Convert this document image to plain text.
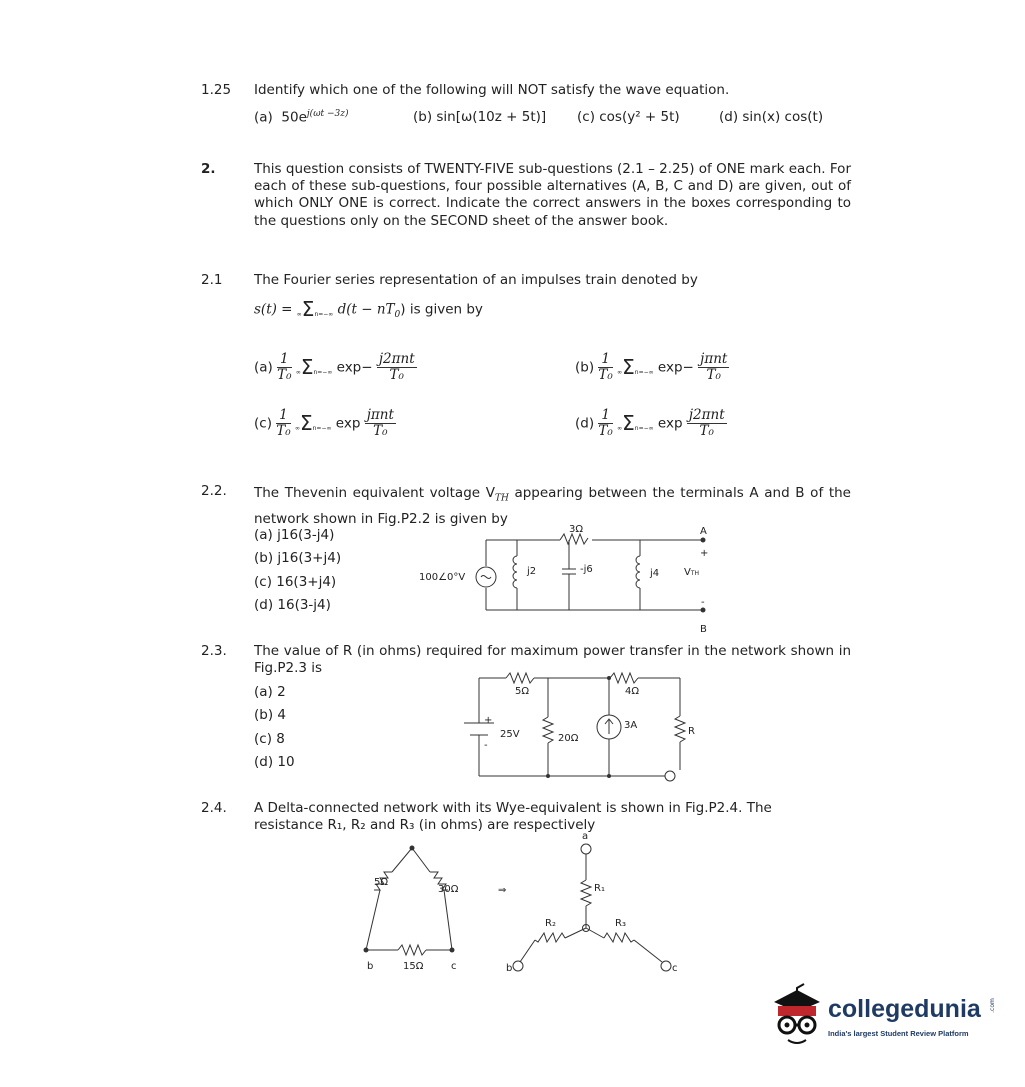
1.25 Identify which one of the following will NOT satisfy the wave equation.
(a) $50e^{j(\omega t -3z)}$	(b) sin[ω(10z + 5t)] (c) cos(y² + 5t)	(d) sin(x) cos(t)
2.	This question consists of TWENTY-FIVE sub-questions (2.1 – 2.25) of ONE mark each. For each of these sub-questions, four possible alternatives (A, B, C and D) are given, out of which ONLY ONE is correct. Indicate the correct answers in the boxes corresponding to the questions only on the SECOND sheet of the answer book.
2.1 The Fourier series representation of an impulses train denoted by
s(t) = ∞Σn=−∞ $d(t - nT_0)$ is given by
$(a) \frac{1}{\text{T₀}} \infty\Sigma n=-\infty$ $\exp- \frac{\text{j2πnt}}{\text{T₀}}$	$(b) \frac{1}{\text{T₀}} \infty\Sigma n=-\infty$ $\exp- \frac{\text{jπnt}}{\text{T₀}}$
$(c) \frac{1}{\text{T₀}} \infty\Sigma n=-\infty$ $\exp \frac{\text{jπnt}}{\text{T₀}}$	$(d) \frac{1}{\text{T₀}} \infty\Sigma n=-\infty$ $\exp \frac{\text{j2πnt}}{\text{T₀}}$
2.2. The Thevenin equivalent voltage $V_{TH}$ appearing between the terminals A and B of the network shown in Fig.P2.2 is given by
(a) j16(3-j4)
(b) j16(3+j4)
(c) 16(3+j4)
(d) 16(3-j4)
3Ω
100∠0°V
j2	-j6	j4 VTH
A
+
-
B
2.3. The value of R (in ohms) required for maximum power transfer in the network shown in Fig.P2.3 is
(a) 2
(b) 4
(c) 8
(d) 10
5Ω	4Ω
+
25V
-
20Ω
3A
R
2.4. A Delta-connected network with its Wye-equivalent is shown in Fig.P2.4. The
resistance R₁, R₂ and R₃ (in ohms) are respectively
5Ω
30Ω
15Ω
b	c
⇒
a
R₁
R₂	R₃
b	c
collegedunia .com
India's largest Student Review Platform
